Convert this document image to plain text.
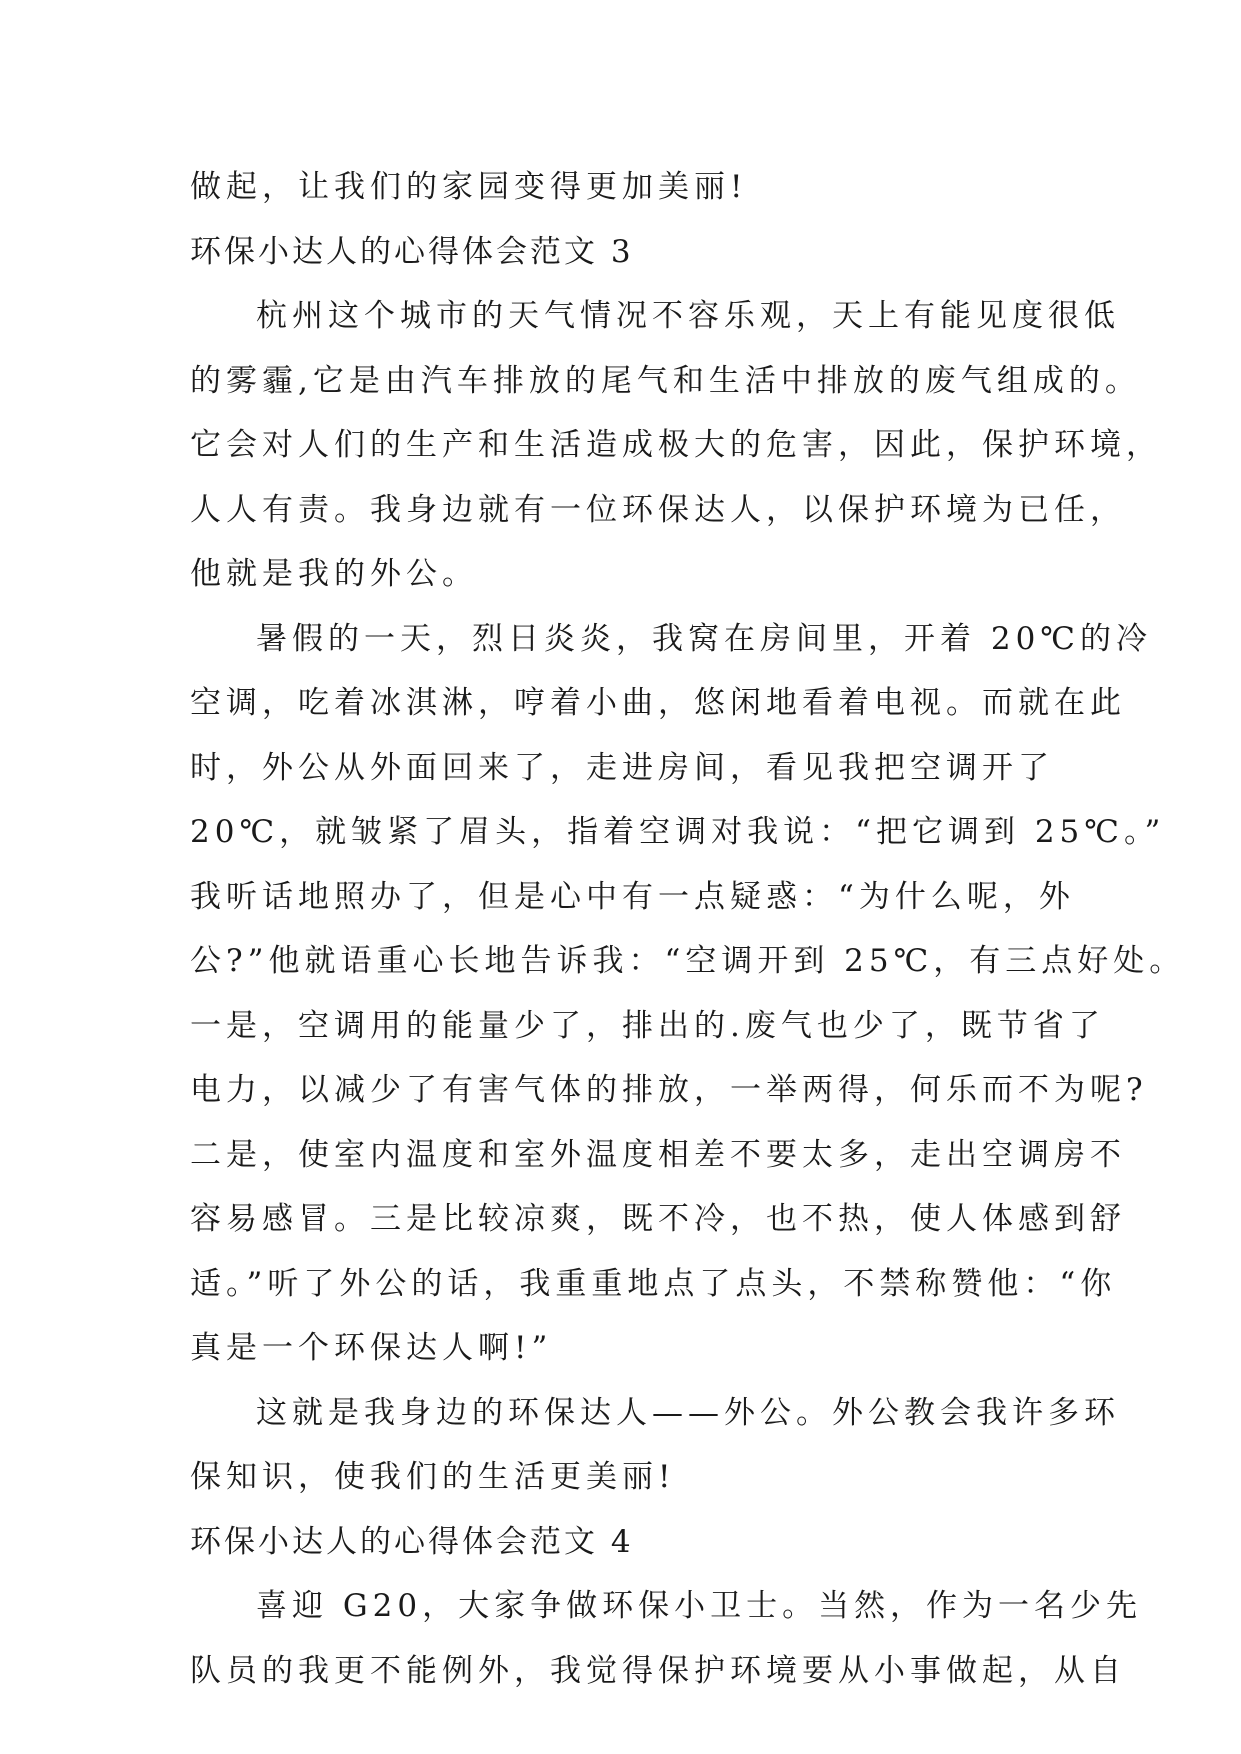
做起，让我们的家园变得更加美丽!
环保小达人的心得体会范文 3
杭州这个城市的天气情况不容乐观，天上有能见度很低
的雾霾,它是由汽车排放的尾气和生活中排放的废气组成的。
它会对人们的生产和生活造成极大的危害，因此，保护环境，
人人有责。我身边就有一位环保达人，以保护环境为已任，
他就是我的外公。
暑假的一天，烈日炎炎，我窝在房间里，开着 20℃的冷
空调，吃着冰淇淋，哼着小曲，悠闲地看着电视。而就在此
时，外公从外面回来了，走进房间，看见我把空调开了
20℃，就皱紧了眉头，指着空调对我说：“把它调到 25℃。”
我听话地照办了，但是心中有一点疑惑：“为什么呢，外
公?”他就语重心长地告诉我：“空调开到 25℃，有三点好处。
一是，空调用的能量少了，排出的.废气也少了，既节省了
电力，以减少了有害气体的排放，一举两得，何乐而不为呢?
二是，使室内温度和室外温度相差不要太多，走出空调房不
容易感冒。三是比较凉爽，既不冷，也不热，使人体感到舒
适。”听了外公的话，我重重地点了点头，不禁称赞他：“你
真是一个环保达人啊!”
这就是我身边的环保达人——外公。外公教会我许多环
保知识，使我们的生活更美丽!
环保小达人的心得体会范文 4
喜迎 G20，大家争做环保小卫士。当然，作为一名少先
队员的我更不能例外，我觉得保护环境要从小事做起，从自
